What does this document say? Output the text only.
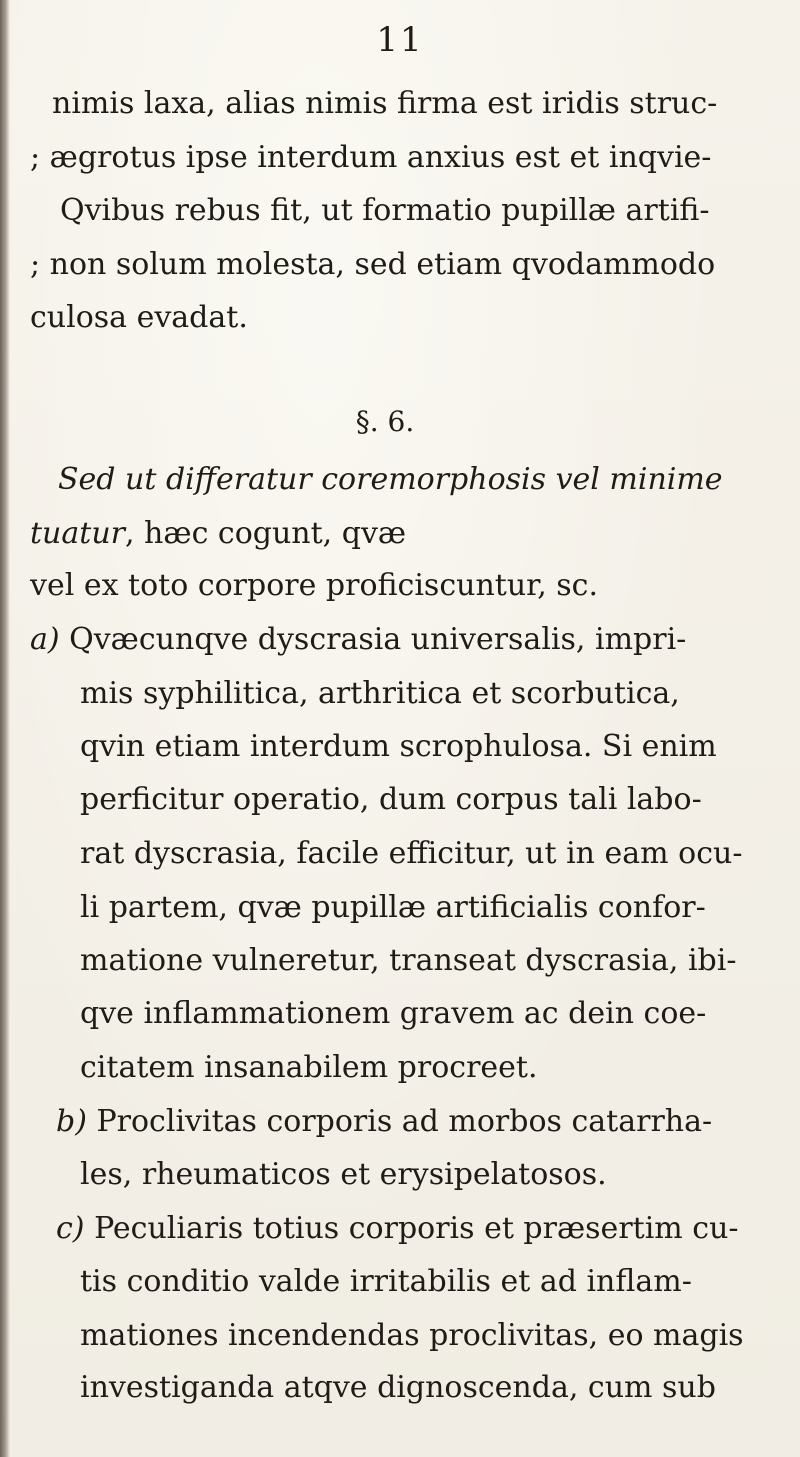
11
nimis laxa, alias nimis firma est iridis struc-
; ægrotus ipse interdum anxius est et inqvie-
Qvibus rebus fit, ut formatio pupillæ artifi-
; non solum molesta, sed etiam qvodammodo
culosa evadat.
§. 6.
Sed ut differatur coremorphosis vel minime
tuatur, hæc cogunt, qvæ
vel ex toto corpore proficiscuntur, sc.
a) Qvæcunqve dyscrasia universalis, impri-
mis syphilitica, arthritica et scorbutica,
qvin etiam interdum scrophulosa. Si enim
perficitur operatio, dum corpus tali labo-
rat dyscrasia, facile efficitur, ut in eam ocu-
li partem, qvæ pupillæ artificialis confor-
matione vulneretur, transeat dyscrasia, ibi-
qve inflammationem gravem ac dein coe-
citatem insanabilem procreet.
b) Proclivitas corporis ad morbos catarrha-
les, rheumaticos et erysipelatosos.
c) Peculiaris totius corporis et præsertim cu-
tis conditio valde irritabilis et ad inflam-
mationes incendendas proclivitas, eo magis
investiganda atqve dignoscenda, cum sub
